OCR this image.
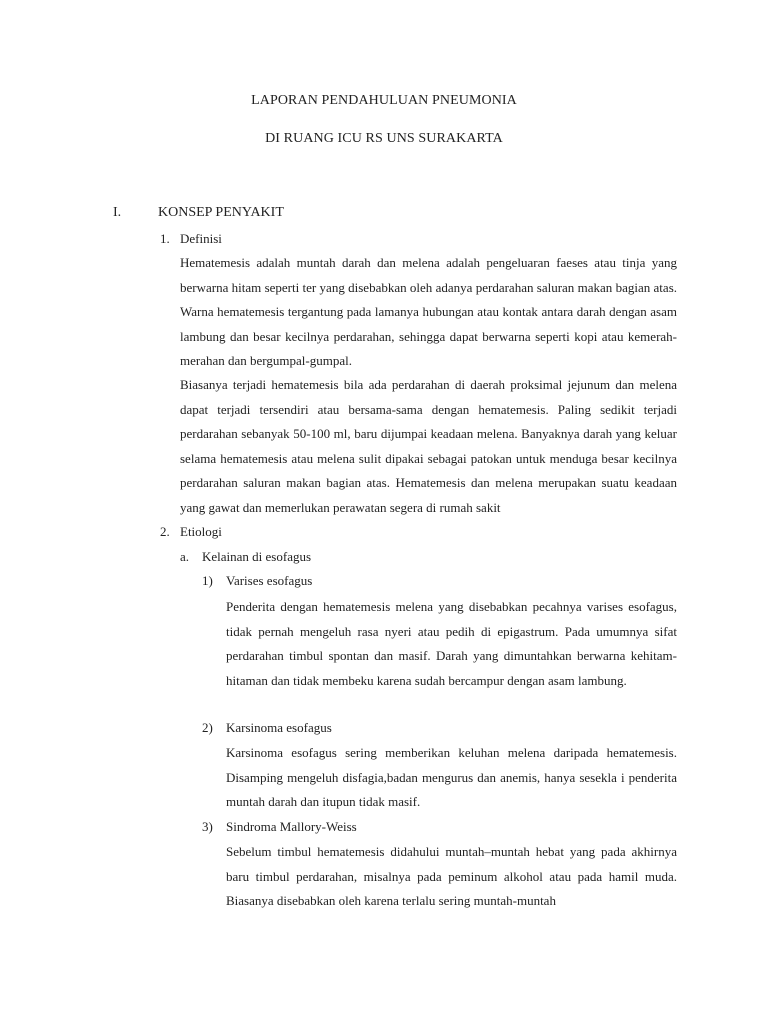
LAPORAN PENDAHULUAN PNEUMONIA
DI RUANG ICU RS UNS SURAKARTA
I.	KONSEP PENYAKIT
1. Definisi
Hematemesis adalah muntah darah dan melena adalah pengeluaran faeses atau tinja yang berwarna hitam seperti ter yang disebabkan oleh adanya perdarahan saluran makan bagian atas. Warna hematemesis tergantung pada lamanya hubungan atau kontak antara darah dengan asam lambung dan besar kecilnya perdarahan, sehingga dapat berwarna seperti kopi atau kemerah-merahan dan bergumpal-gumpal.
Biasanya terjadi hematemesis bila ada perdarahan di daerah proksimal jejunum dan melena dapat terjadi tersendiri atau bersama-sama dengan hematemesis. Paling sedikit terjadi perdarahan sebanyak 50-100 ml, baru dijumpai keadaan melena. Banyaknya darah yang keluar selama hematemesis atau melena sulit dipakai sebagai patokan untuk menduga besar kecilnya perdarahan saluran makan bagian atas. Hematemesis dan melena merupakan suatu keadaan yang gawat dan memerlukan perawatan segera di rumah sakit
2. Etiologi
a. Kelainan di esofagus
1) Varises esofagus
Penderita dengan hematemesis melena yang disebabkan pecahnya varises esofagus, tidak pernah mengeluh rasa nyeri atau pedih di epigastrum. Pada umumnya sifat perdarahan timbul spontan dan masif. Darah yang dimuntahkan berwarna kehitam-hitaman dan tidak membeku karena sudah bercampur dengan asam lambung.
2) Karsinoma esofagus
Karsinoma esofagus sering memberikan keluhan melena daripada hematemesis. Disamping mengeluh disfagia,badan mengurus dan anemis, hanya sesekla i penderita muntah darah dan itupun tidak masif.
3) Sindroma Mallory-Weiss
Sebelum timbul hematemesis didahului muntah–muntah hebat yang pada akhirnya baru timbul perdarahan, misalnya pada peminum alkohol atau pada hamil muda. Biasanya disebabkan oleh karena terlalu sering muntah-muntah
